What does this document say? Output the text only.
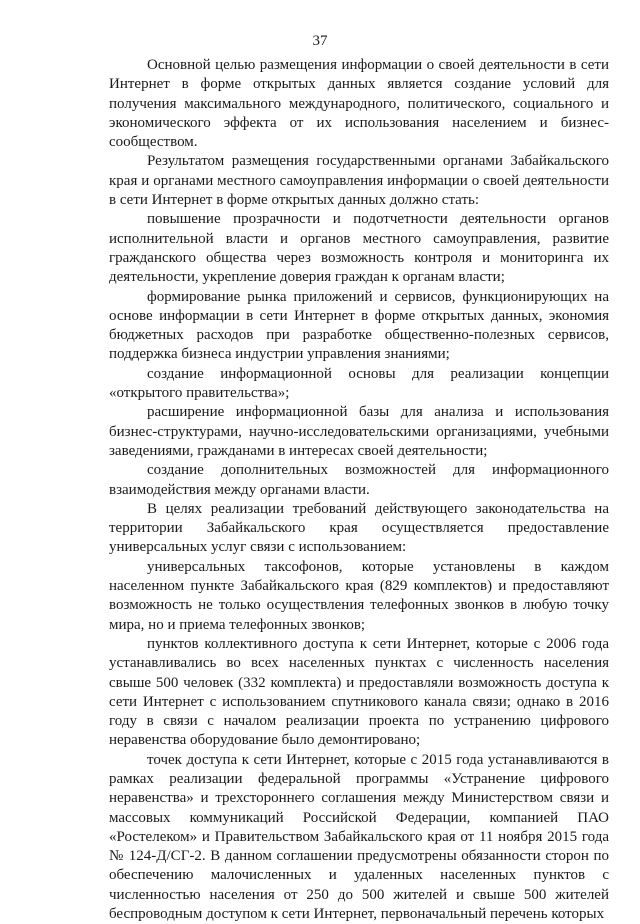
37

Основной целью размещения информации о своей деятельности в сети Интернет в форме открытых данных является создание условий для получения максимального международного, политического, социального и экономического эффекта от их использования населением и бизнес-сообществом.

Результатом размещения государственными органами Забайкальского края и органами местного самоуправления информации о своей деятельности в сети Интернет в форме открытых данных должно стать:

повышение прозрачности и подотчетности деятельности органов исполнительной власти и органов местного самоуправления, развитие гражданского общества через возможность контроля и мониторинга их деятельности, укрепление доверия граждан к органам власти;

формирование рынка приложений и сервисов, функционирующих на основе информации в сети Интернет в форме открытых данных, экономия бюджетных расходов при разработке общественно-полезных сервисов, поддержка бизнеса индустрии управления знаниями;

создание информационной основы для реализации концепции «открытого правительства»;

расширение информационной базы для анализа и использования бизнес-структурами, научно-исследовательскими организациями, учебными заведениями, гражданами в интересах своей деятельности;

создание дополнительных возможностей для информационного взаимодействия между органами власти.

В целях реализации требований действующего законодательства на территории Забайкальского края осуществляется предоставление универсальных услуг связи с использованием:

универсальных таксофонов, которые установлены в каждом населенном пункте Забайкальского края (829 комплектов) и предоставляют возможность не только осуществления телефонных звонков в любую точку мира, но и приема телефонных звонков;

пунктов коллективного доступа к сети Интернет, которые с 2006 года устанавливались во всех населенных пунктах с численность населения свыше 500 человек (332 комплекта) и предоставляли возможность доступа к сети Интернет с использованием спутникового канала связи; однако в 2016 году в связи с началом реализации проекта по устранению цифрового неравенства оборудование было демонтировано;

точек доступа к сети Интернет, которые с 2015 года устанавливаются в рамках реализации федеральной программы «Устранение цифрового неравенства» и трехстороннего соглашения между Министерством связи и массовых коммуникаций Российской Федерации, компанией ПАО «Ростелеком» и Правительством Забайкальского края от 11 ноября 2015 года № 124-Д/СГ-2. В данном соглашении предусмотрены обязанности сторон по обеспечению малочисленных и удаленных населенных пунктов с численностью населения от 250 до 500 жителей и свыше 500 жителей беспроводным доступом к сети Интернет, первоначальный перечень которых
